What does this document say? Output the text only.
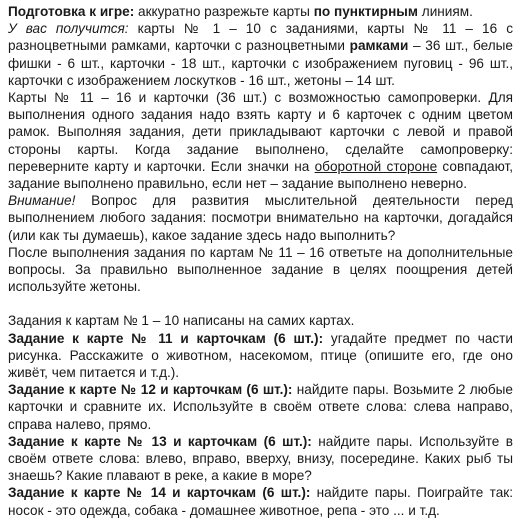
Подготовка к игре: аккуратно разрежьте карты по пунктирным линиям.

У вас получится: карты № 1 – 10 с заданиями, карты № 11 – 16 с разноцветными рамками, карточки с разноцветными рамками – 36 шт., белые фишки - 6 шт., карточки - 18 шт., карточки с изображением пуговиц - 96 шт., карточки с изображением лоскутков - 16 шт., жетоны – 14 шт.

Карты № 11 – 16 и карточки (36 шт.) с возможностью самопроверки. Для выполнения одного задания надо взять карту и 6 карточек с одним цветом рамок. Выполняя задания, дети прикладывают карточки с левой и правой стороны карты. Когда задание выполнено, сделайте самопроверку: переверните карту и карточки. Если значки на оборотной стороне совпадают, задание выполнено правильно, если нет – задание выполнено неверно.

Внимание! Вопрос для развития мыслительной деятельности перед выполнением любого задания: посмотри внимательно на карточки, догадайся (или как ты думаешь), какое задание здесь надо выполнить?

После выполнения задания по картам № 11 – 16 ответьте на дополнительные вопросы. За правильно выполненное задание в целях поощрения детей используйте жетоны.

Задания к картам № 1 – 10 написаны на самих картах.

Задание к карте № 11 и карточкам (6 шт.): угадайте предмет по части рисунка. Расскажите о животном, насекомом, птице (опишите его, где оно живёт, чем питается и т.д.).

Задание к карте № 12 и карточкам (6 шт.): найдите пары. Возьмите 2 любые карточки и сравните их. Используйте в своём ответе слова: слева направо, справа налево, прямо.

Задание к карте № 13 и карточкам (6 шт.): найдите пары. Используйте в своём ответе слова: влево, вправо, вверху, внизу, посередине. Каких рыб ты знаешь? Какие плавают в реке, а какие в море?

Задание к карте № 14 и карточкам (6 шт.): найдите пары. Поиграйте так: носок - это одежда, собака - домашнее животное, репа - это ... и т.д.
